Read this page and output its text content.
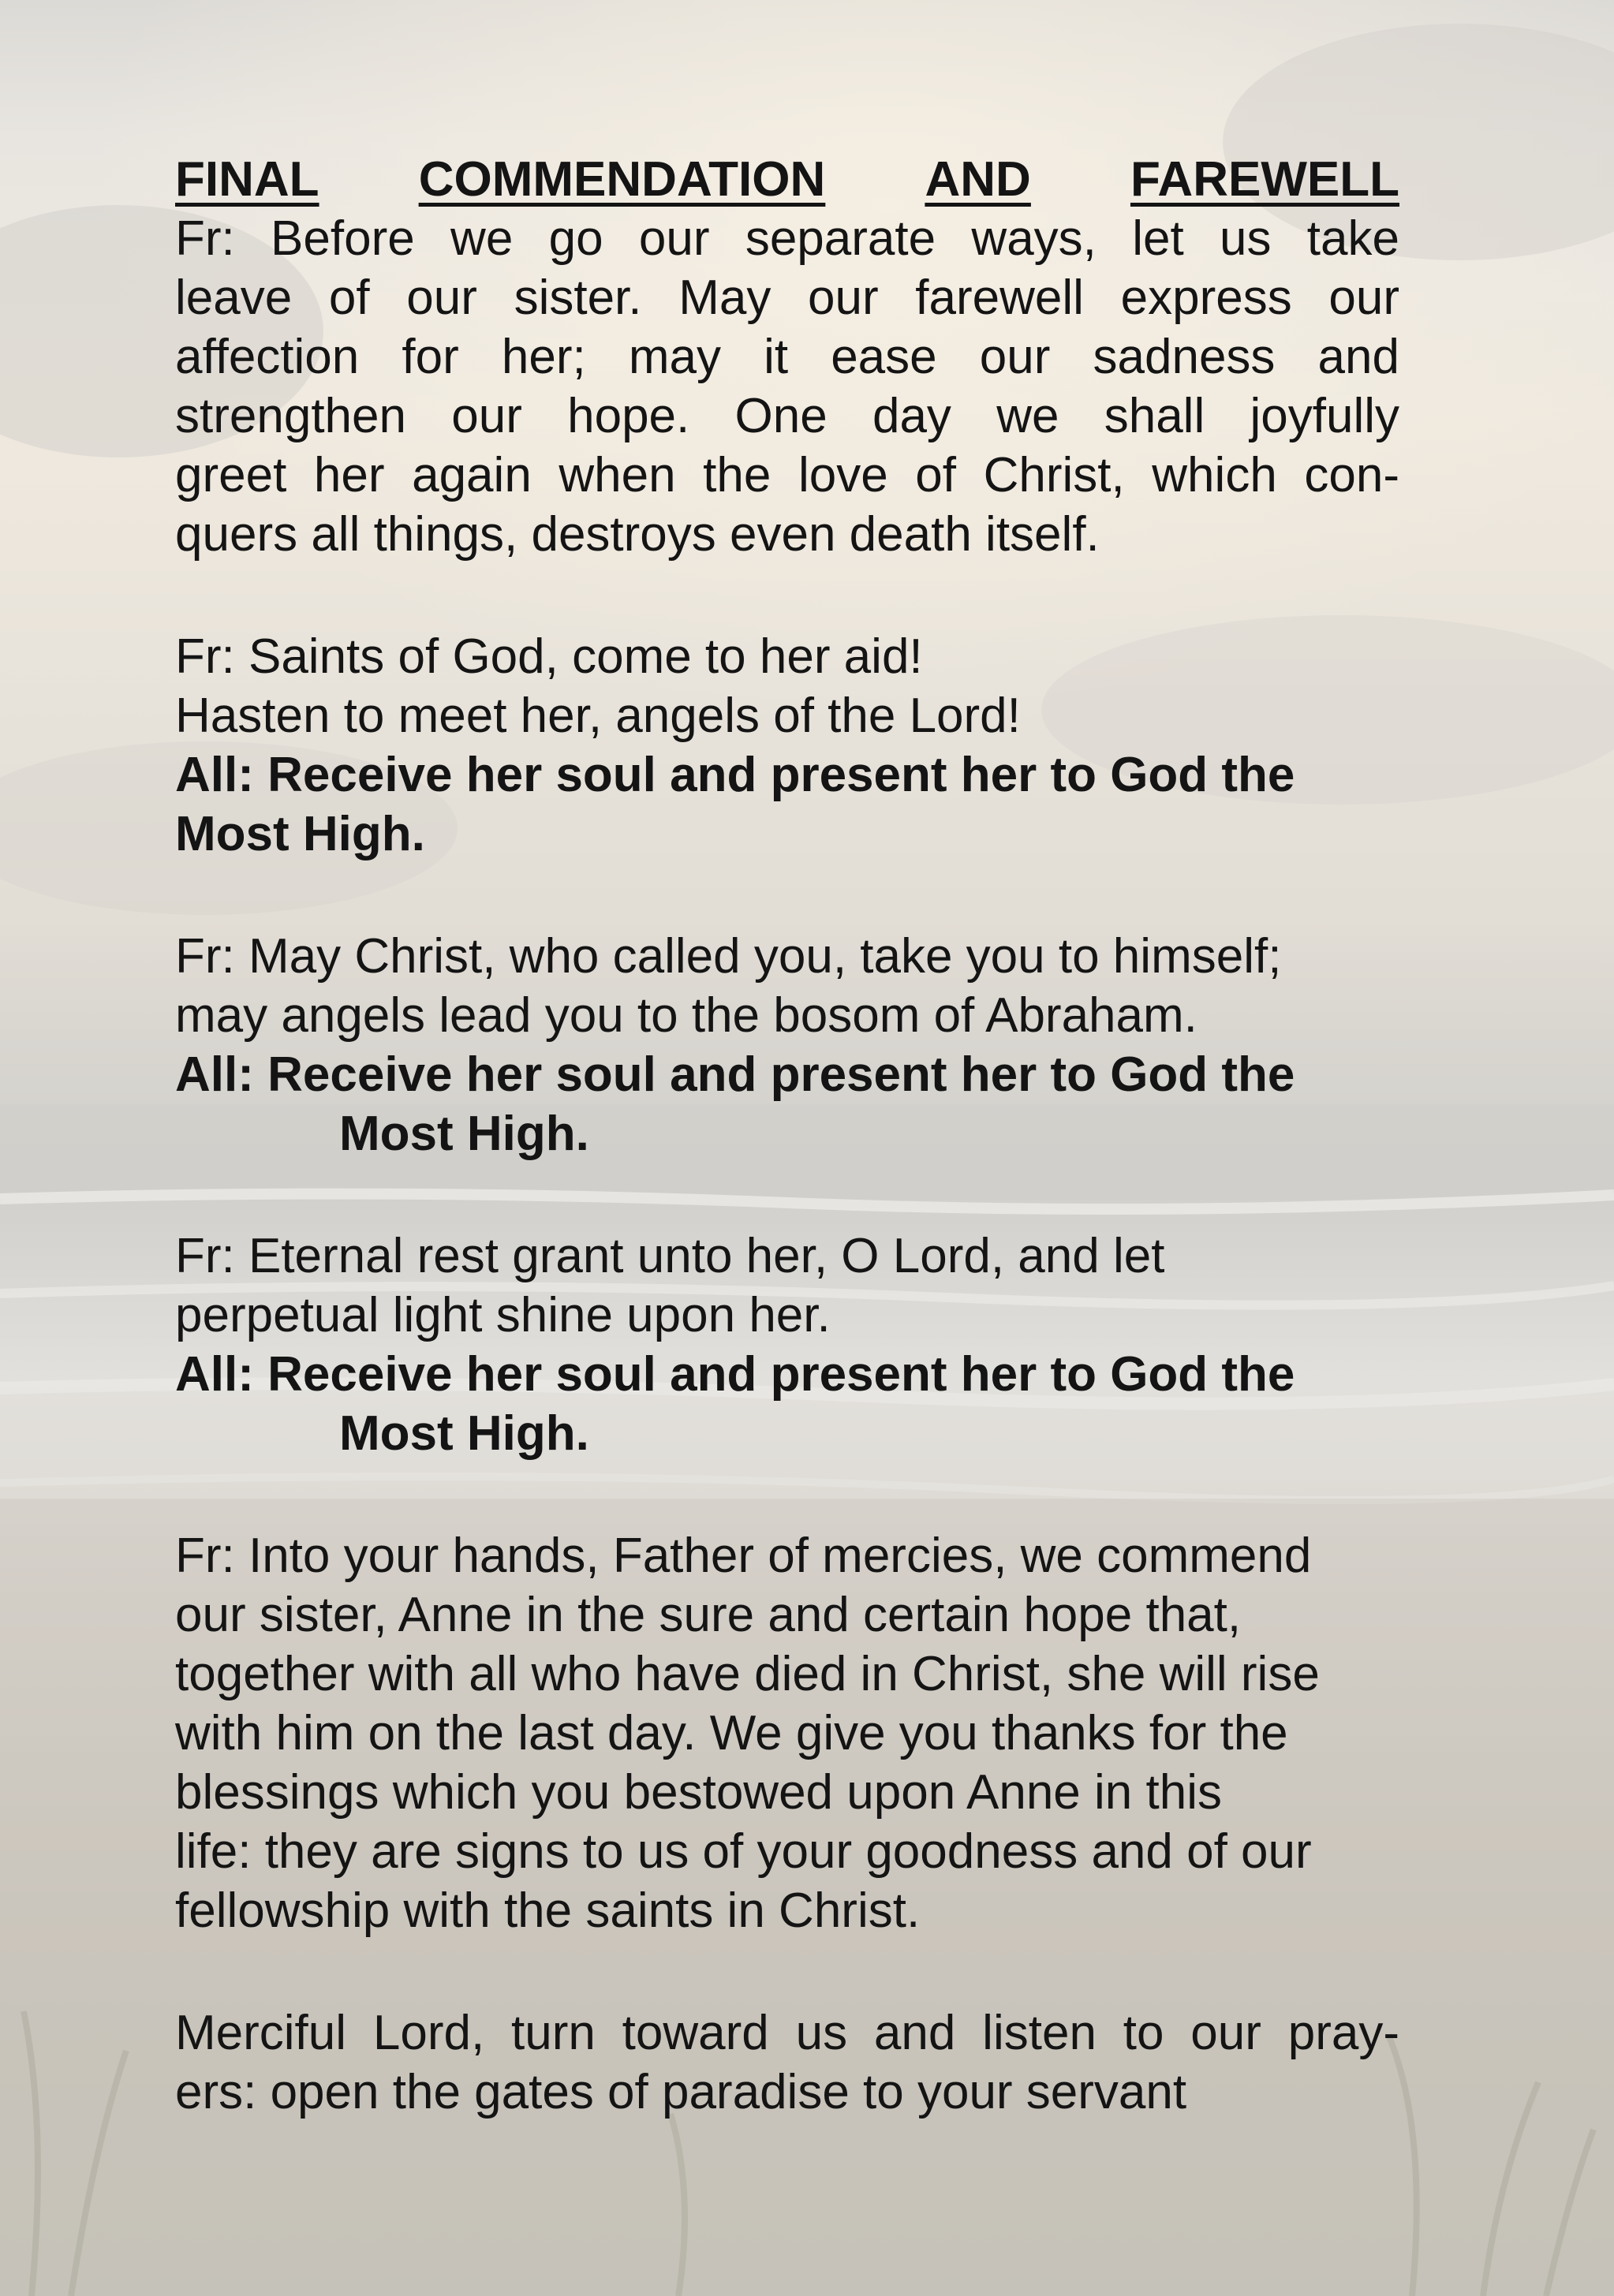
FINAL COMMENDATION AND FAREWELL
Fr: Before we go our separate ways, let us take
leave of our sister. May our farewell express our
affection for her; may it ease our sadness and
strengthen our hope. One day we shall joyfully
greet her again when the love of Christ, which con-
quers all things, destroys even death itself.
Fr: Saints of God, come to her aid!
Hasten to meet her, angels of the Lord!
All: Receive her soul and present her to God the
Most High.
Fr: May Christ, who called you, take you to himself;
may angels lead you to the bosom of Abraham.
All: Receive her soul and present her to God the
Most High.
Fr: Eternal rest grant unto her, O Lord, and let
perpetual light shine upon her.
All: Receive her soul and present her to God the
Most High.
Fr: Into your hands, Father of mercies, we commend
our sister, Anne in the sure and certain hope that,
together with all who have died in Christ, she will rise
with him on the last day. We give you thanks for the
blessings which you bestowed upon Anne in this
life: they are signs to us of your goodness and of our
fellowship with the saints in Christ.
Merciful Lord, turn toward us and listen to our pray-
ers: open the gates of paradise to your servant
